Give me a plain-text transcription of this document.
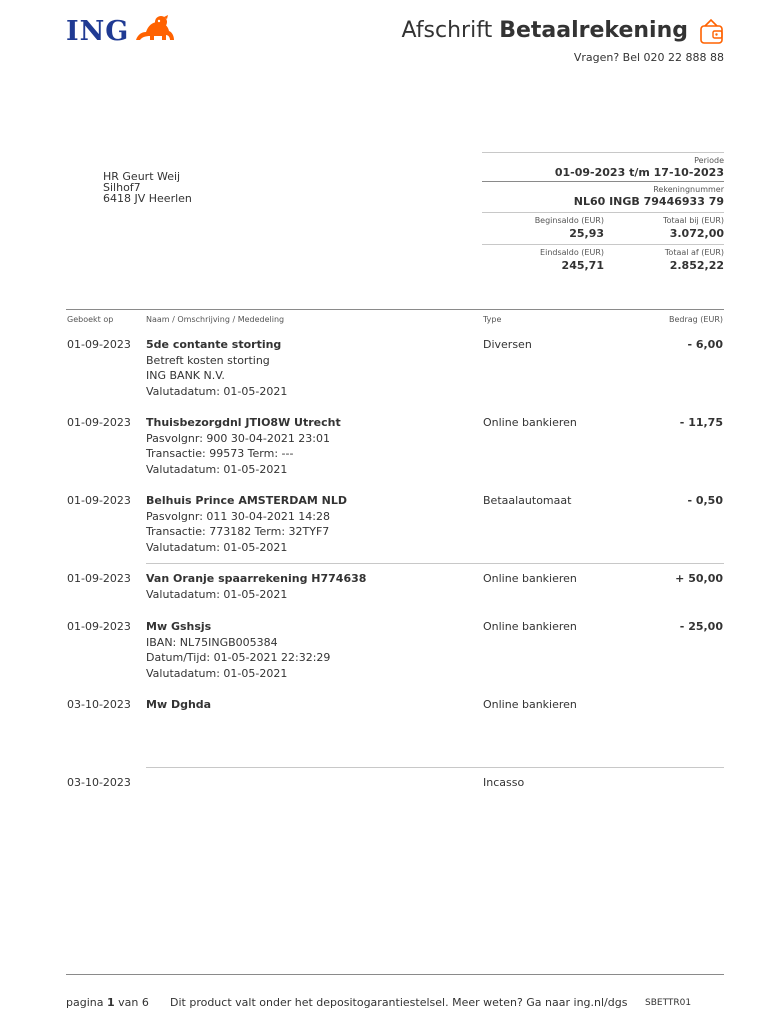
ING	Afschrift Betaalrekening
Vragen? Bel 020 22 888 88
HR Geurt Weij
Silhof7
6418 JV Heerlen
Periode
01-09-2023 t/m 17-10-2023
Rekeningnummer
NL60 INGB 79446933 79
Beginsaldo (EUR)
25,93
Totaal bij (EUR)
3.072,00
Eindsaldo (EUR)
245,71
Totaal af (EUR)
2.852,22
Geboekt op	Naam / Omschrijving / Mededeling	Type	Bedrag (EUR)
01-09-2023 5de contante storting
Betreft kosten storting
ING BANK N.V.
Valutadatum: 01-05-2021
Diversen	- 6,00
01-09-2023 Thuisbezorgdnl JTIO8W Utrecht
Pasvolgnr: 900 30-04-2021 23:01
Transactie: 99573 Term: ---
Valutadatum: 01-05-2021
Online bankieren	- 11,75
01-09-2023 Belhuis Prince AMSTERDAM NLD
Pasvolgnr: 011 30-04-2021 14:28
Transactie: 773182 Term: 32TYF7
Valutadatum: 01-05-2021
Betaalautomaat	- 0,50
01-09-2023 Van Oranje spaarrekening H774638
Valutadatum: 01-05-2021
Online bankieren	+ 50,00
01-09-2023 Mw Gshsjs
IBAN: NL75INGB005384
Datum/Tijd: 01-05-2021 22:32:29
Valutadatum: 01-05-2021
Online bankieren	- 25,00
03-10-2023 Mw Dghda	Online bankieren
03-10-2023	Incasso
pagina 1 van 6 Dit product valt onder het depositogarantiestelsel. Meer weten? Ga naar ing.nl/dgs SBETTR01
